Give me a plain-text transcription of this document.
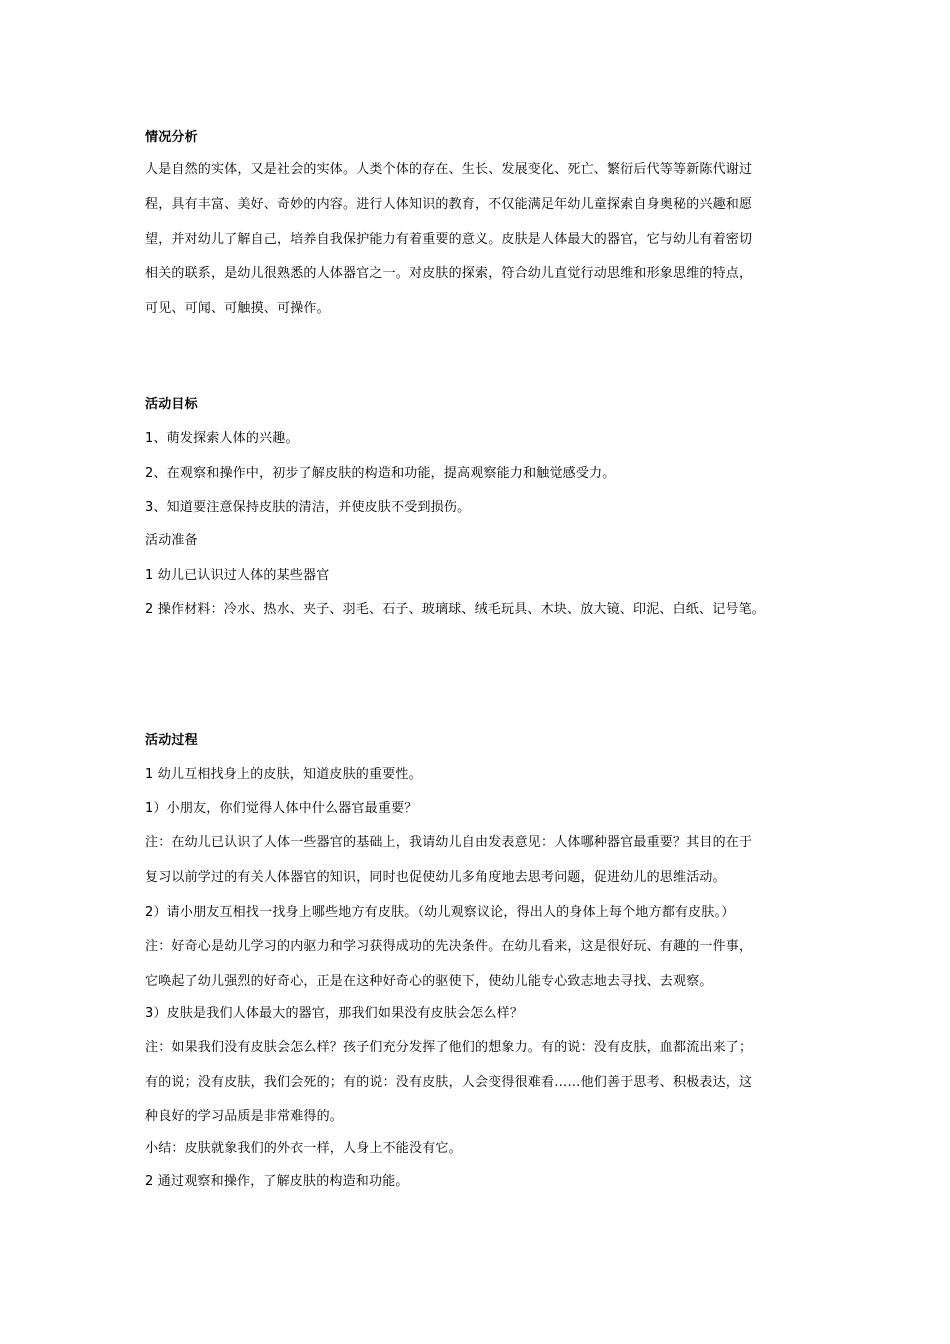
情况分析
人是自然的实体，又是社会的实体。人类个体的存在、生长、发展变化、死亡、繁衍后代等等新陈代谢过
程，具有丰富、美好、奇妙的内容。进行人体知识的教育，不仅能满足年幼儿童探索自身奥秘的兴趣和愿
望，并对幼儿了解自己，培养自我保护能力有着重要的意义。皮肤是人体最大的器官，它与幼儿有着密切
相关的联系，是幼儿很熟悉的人体器官之一。对皮肤的探索，符合幼儿直觉行动思维和形象思维的特点，
可见、可闻、可触摸、可操作。
活动目标
1、萌发探索人体的兴趣。
2、在观察和操作中，初步了解皮肤的构造和功能，提高观察能力和触觉感受力。
3、知道要注意保持皮肤的清洁，并使皮肤不受到损伤。
活动准备
1 幼儿已认识过人体的某些器官
2 操作材料：冷水、热水、夹子、羽毛、石子、玻璃球、绒毛玩具、木块、放大镜、印泥、白纸、记号笔。
活动过程
1 幼儿互相找身上的皮肤，知道皮肤的重要性。
1）小朋友，你们觉得人体中什么器官最重要？
注：在幼儿已认识了人体一些器官的基础上，我请幼儿自由发表意见：人体哪种器官最重要？其目的在于
复习以前学过的有关人体器官的知识，同时也促使幼儿多角度地去思考问题，促进幼儿的思维活动。
2）请小朋友互相找一找身上哪些地方有皮肤。（幼儿观察议论，得出人的身体上每个地方都有皮肤。）
注：好奇心是幼儿学习的内驱力和学习获得成功的先决条件。在幼儿看来，这是很好玩、有趣的一件事，
它唤起了幼儿强烈的好奇心，正是在这种好奇心的驱使下，使幼儿能专心致志地去寻找、去观察。
3）皮肤是我们人体最大的器官，那我们如果没有皮肤会怎么样？
注：如果我们没有皮肤会怎么样？孩子们充分发挥了他们的想象力。有的说：没有皮肤，血都流出来了；
有的说；没有皮肤，我们会死的；有的说：没有皮肤，人会变得很难看……他们善于思考、积极表达，这
种良好的学习品质是非常难得的。
小结：皮肤就象我们的外衣一样，人身上不能没有它。
2 通过观察和操作，了解皮肤的构造和功能。
